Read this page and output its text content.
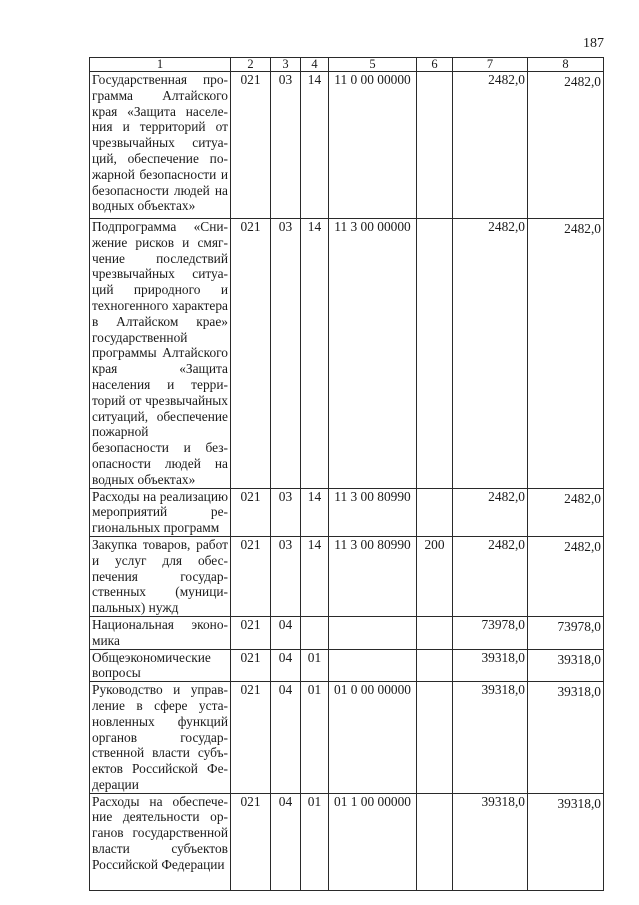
187
1	2	3	4	5	6	7	8
Государственная программа Алтайского края «Защита населения и территорий от чрезвычайных ситуаций, обеспечение пожарной безопасности и безопасности людей на водных объектах»	021	03	14	11 0 00 00000		2482,0	2482,0
Подпрограмма «Снижение рисков и смягчение последствий чрезвычайных ситуаций природного и техногенного характера в Алтайском крае» государственной программы Алтайского края «Защита населения и территорий от чрезвычайных ситуаций, обеспечение пожарной безопасности и безопасности людей на водных объектах»	021	03	14	11 3 00 00000		2482,0	2482,0
Расходы на реализацию мероприятий региональных программ	021	03	14	11 3 00 80990		2482,0	2482,0
Закупка товаров, работ и услуг для обеспечения государственных (муниципальных) нужд	021	03	14	11 3 00 80990	200	2482,0	2482,0
Национальная экономика	021	04				73978,0	73978,0
Общеэкономические вопросы	021	04	01			39318,0	39318,0
Руководство и управление в сфере установленных функций органов государственной власти субъектов Российской Федерации	021	04	01	01 0 00 00000		39318,0	39318,0
Расходы на обеспечение деятельности органов государственной власти субъектов Российской Федерации	021	04	01	01 1 00 00000		39318,0	39318,0
